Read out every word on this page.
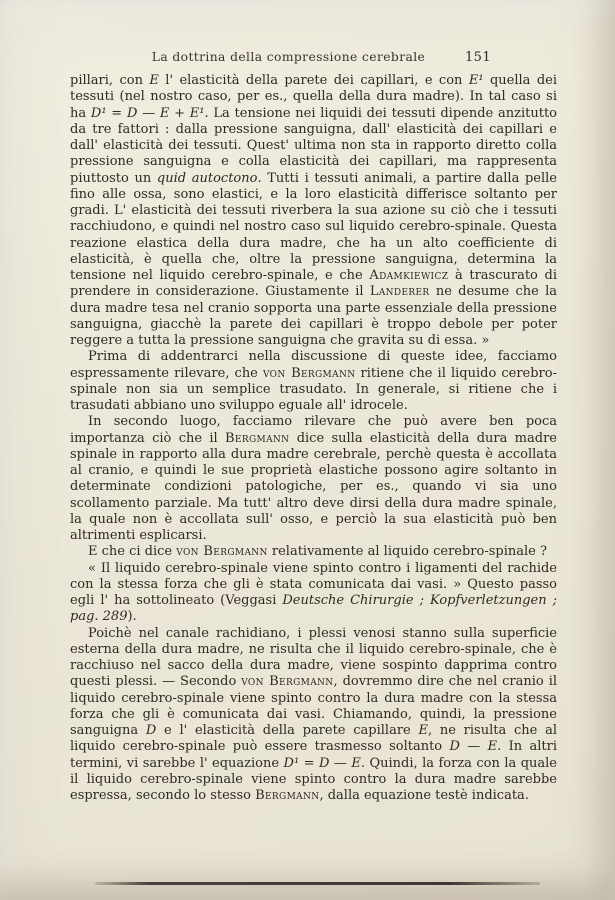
La dottrina della compressione cerebrale	151

pillari, con E l' elasticità della parete dei capillari, e con E¹ quella dei tessuti (nel nostro caso, per es., quella della dura madre). In tal caso si ha D¹ = D — E + E¹. La tensione nei liquidi dei tessuti dipende anzitutto da tre fattori : dalla pressione sanguigna, dall' elasticità dei capillari e dall' elasticità dei tessuti. Quest' ultima non sta in rapporto diretto colla pressione sanguigna e colla elasticità dei capillari, ma rappresenta piuttosto un quid autoctono. Tutti i tessuti animali, a partire dalla pelle fino alle ossa, sono elastici, e la loro elasticità differisce soltanto per gradi. L' elasticità dei tessuti riverbera la sua azione su ciò che i tessuti racchiudono, e quindi nel nostro caso sul liquido cerebro-spinale. Questa reazione elastica della dura madre, che ha un alto coefficiente di elasticità, è quella che, oltre la pressione sanguigna, determina la tensione nel liquido cerebro-spinale, e che Adamkiewicz à trascurato di prendere in considerazione. Giustamente il Landerer ne desume che la dura madre tesa nel cranio sopporta una parte essenziale della pressione sanguigna, giacchè la parete dei capillari è troppo debole per poter reggere a tutta la pressione sanguigna che gravita su di essa. »

Prima di addentrarci nella discussione di queste idee, facciamo espressamente rilevare, che von Bergmann ritiene che il liquido cerebro-spinale non sia un semplice trasudato. In generale, si ritiene che i trasudati abbiano uno sviluppo eguale all' idrocele.

In secondo luogo, facciamo rilevare che può avere ben poca importanza ciò che il Bergmann dice sulla elasticità della dura madre spinale in rapporto alla dura madre cerebrale, perchè questa è accollata al cranio, e quindi le sue proprietà elastiche possono agire soltanto in determinate condizioni patologiche, per es., quando vi sia uno scollamento parziale. Ma tutt' altro deve dirsi della dura madre spinale, la quale non è accollata sull' osso, e perciò la sua elasticità può ben altrimenti esplicarsi.

E che ci dice von Bergmann relativamente al liquido cerebro-spinale ?

« Il liquido cerebro-spinale viene spinto contro i ligamenti del rachide con la stessa forza che gli è stata comunicata dai vasi. » Questo passo egli l' ha sottolineato (Veggasi Deutsche Chirurgie ; Kopfverletzungen ; pag. 289).

Poichè nel canale rachidiano, i plessi venosi stanno sulla superficie esterna della dura madre, ne risulta che il liquido cerebro-spinale, che è racchiuso nel sacco della dura madre, viene sospinto dapprima contro questi plessi. — Secondo von Bergmann, dovremmo dire che nel cranio il liquido cerebro-spinale viene spinto contro la dura madre con la stessa forza che gli è comunicata dai vasi. Chiamando, quindi, la pressione sanguigna D e l' elasticità della parete capillare E, ne risulta che al liquido cerebro-spinale può essere trasmesso soltanto D — E. In altri termini, vi sarebbe l' equazione D¹ = D — E. Quindi, la forza con la quale il liquido cerebro-spinale viene spinto contro la dura madre sarebbe espressa, secondo lo stesso Bergmann, dalla equazione testè indicata.
